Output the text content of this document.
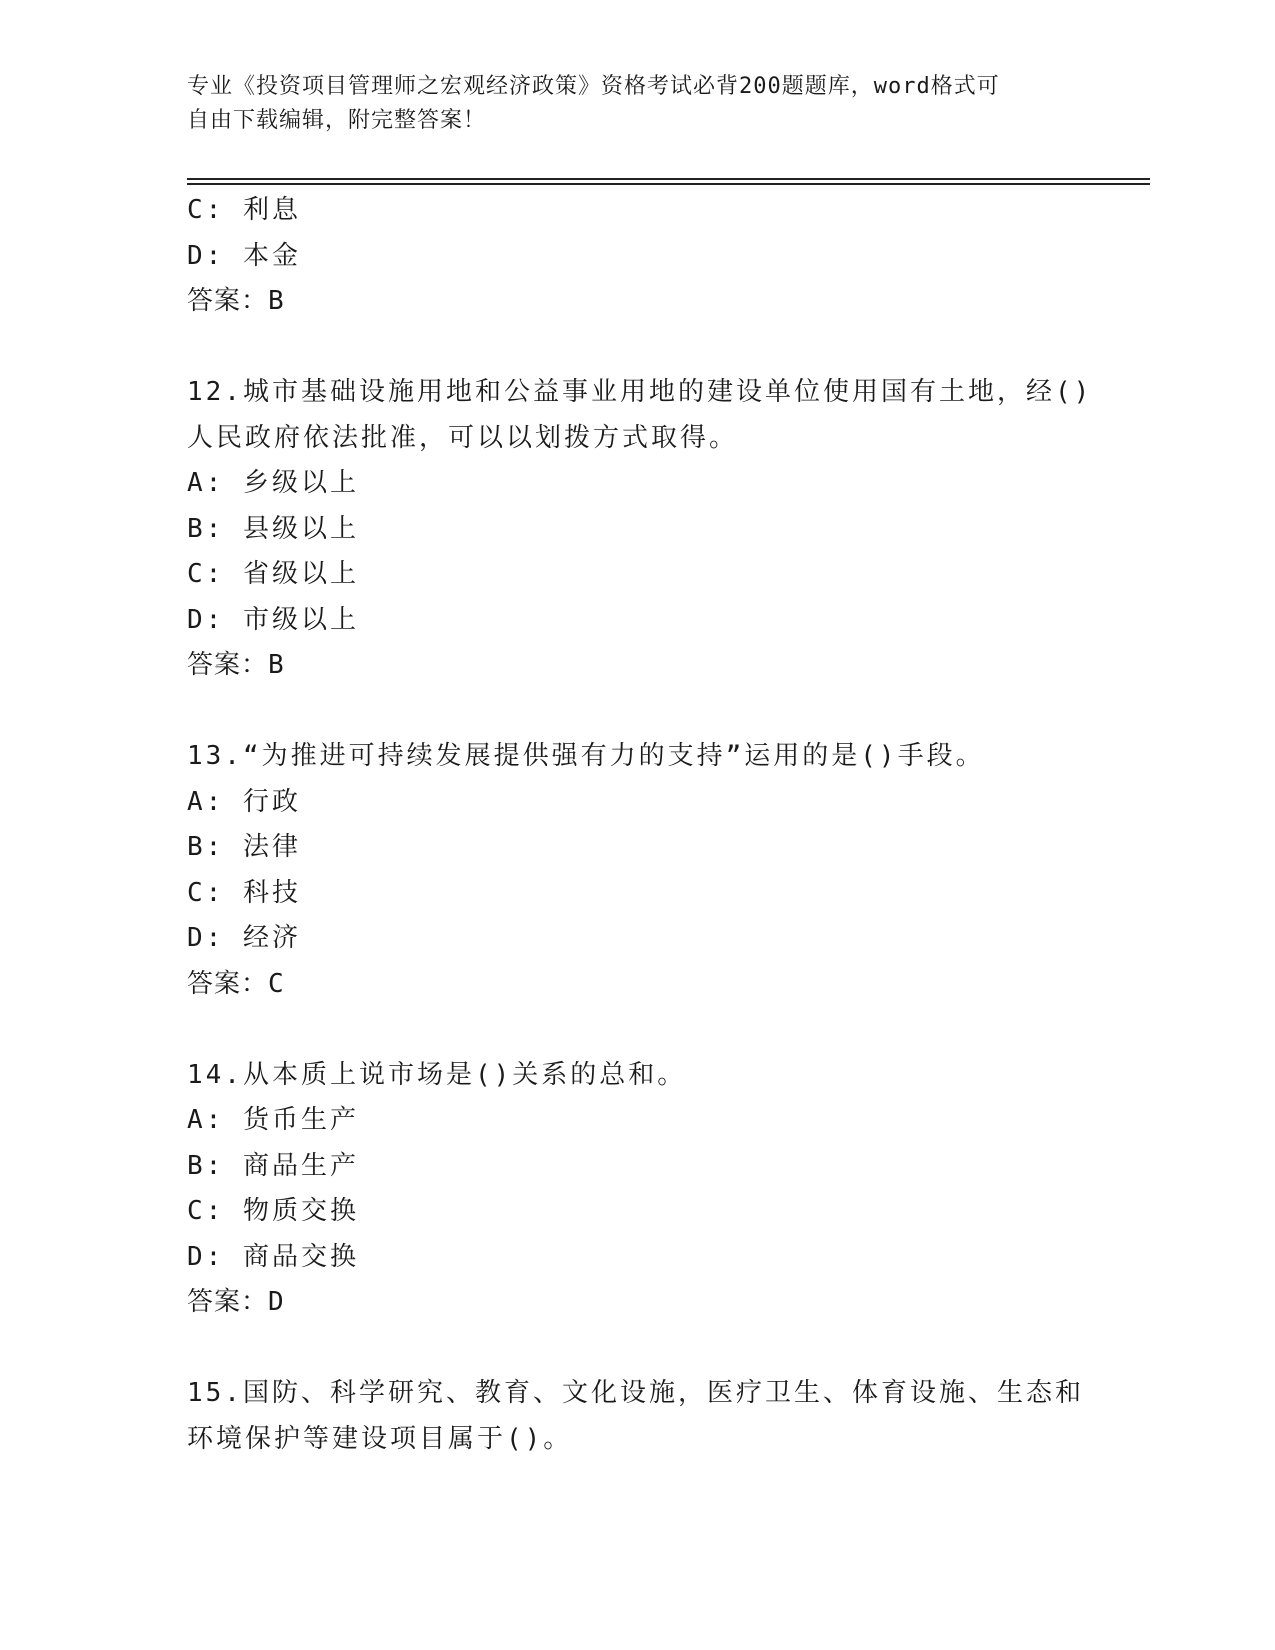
专业《投资项目管理师之宏观经济政策》资格考试必背200题题库，word格式可
自由下载编辑，附完整答案！
C: 利息
D: 本金
答案：B
12.城市基础设施用地和公益事业用地的建设单位使用国有土地，经()
人民政府依法批准，可以以划拨方式取得。
A: 乡级以上
B: 县级以上
C: 省级以上
D: 市级以上
答案：B
13.“为推进可持续发展提供强有力的支持”运用的是()手段。
A: 行政
B: 法律
C: 科技
D: 经济
答案：C
14.从本质上说市场是()关系的总和。
A: 货币生产
B: 商品生产
C: 物质交换
D: 商品交换
答案：D
15.国防、科学研究、教育、文化设施，医疗卫生、体育设施、生态和
环境保护等建设项目属于()。
